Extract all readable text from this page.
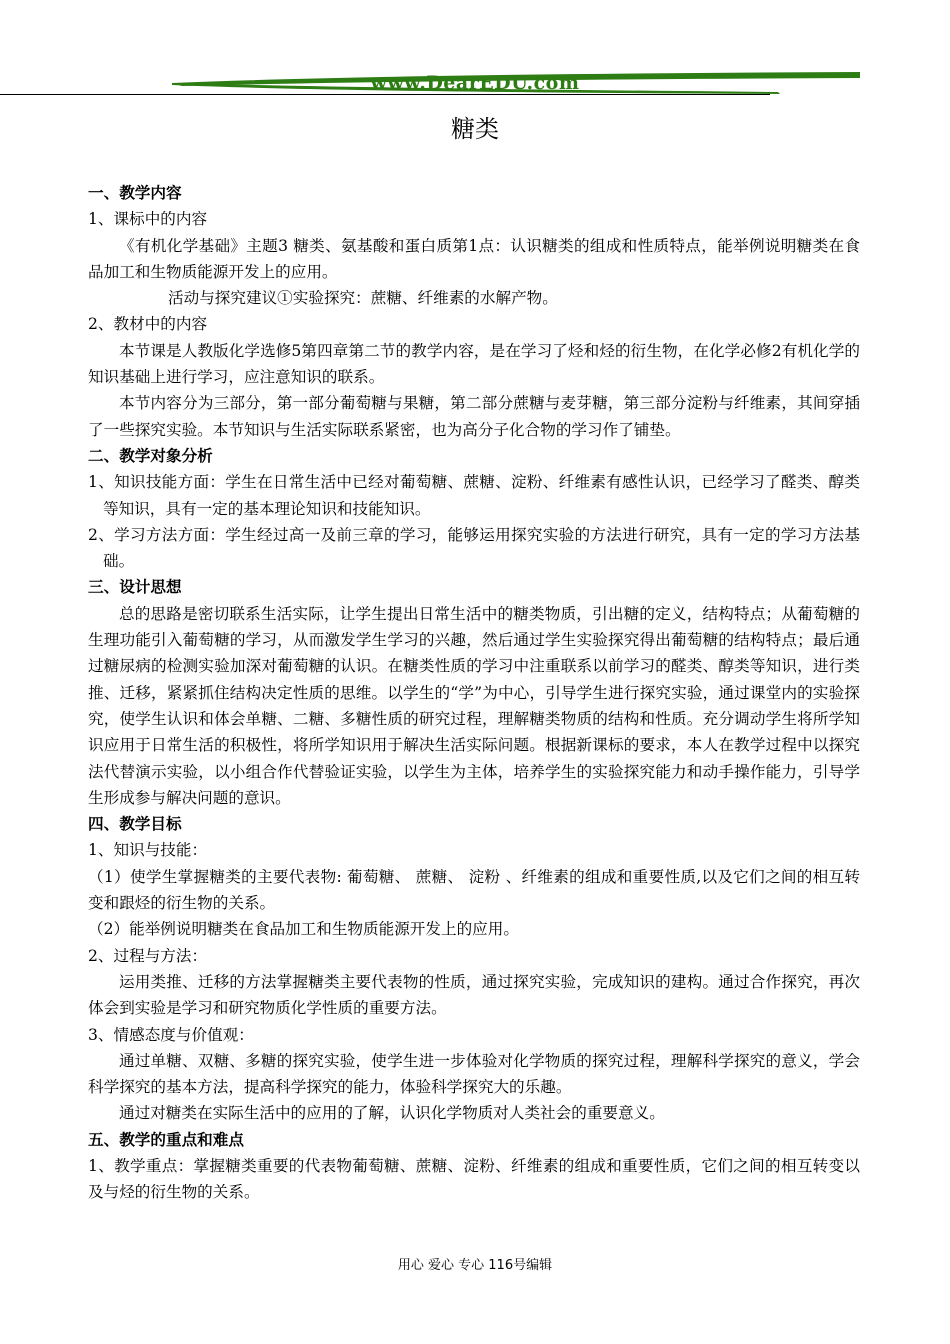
www.DearEDU.com
糖类

一、教学内容

1、课标中的内容

《有机化学基础》主题3 糖类、氨基酸和蛋白质第1点：认识糖类的组成和性质特点，能举例说明糖类在食品加工和生物质能源开发上的应用。

活动与探究建议①实验探究：蔗糖、纤维素的水解产物。

2、教材中的内容

本节课是人教版化学选修5第四章第二节的教学内容，是在学习了烃和烃的衍生物，在化学必修2有机化学的知识基础上进行学习，应注意知识的联系。

本节内容分为三部分，第一部分葡萄糖与果糖，第二部分蔗糖与麦芽糖，第三部分淀粉与纤维素，其间穿插了一些探究实验。本节知识与生活实际联系紧密，也为高分子化合物的学习作了铺垫。

二、教学对象分析

1、知识技能方面：学生在日常生活中已经对葡萄糖、蔗糖、淀粉、纤维素有感性认识，已经学习了醛类、醇类等知识，具有一定的基本理论知识和技能知识。

2、学习方法方面：学生经过高一及前三章的学习，能够运用探究实验的方法进行研究，具有一定的学习方法基础。

三、设计思想

总的思路是密切联系生活实际，让学生提出日常生活中的糖类物质，引出糖的定义，结构特点；从葡萄糖的生理功能引入葡萄糖的学习，从而激发学生学习的兴趣，然后通过学生实验探究得出葡萄糖的结构特点；最后通过糖尿病的检测实验加深对葡萄糖的认识。在糖类性质的学习中注重联系以前学习的醛类、醇类等知识，进行类推、迁移，紧紧抓住结构决定性质的思维。以学生的“学”为中心，引导学生进行探究实验，通过课堂内的实验探究，使学生认识和体会单糖、二糖、多糖性质的研究过程，理解糖类物质的结构和性质。充分调动学生将所学知识应用于日常生活的积极性，将所学知识用于解决生活实际问题。根据新课标的要求，本人在教学过程中以探究法代替演示实验，以小组合作代替验证实验，以学生为主体，培养学生的实验探究能力和动手操作能力，引导学生形成参与解决问题的意识。

四、教学目标

1、知识与技能：

（1）使学生掌握糖类的主要代表物: 葡萄糖、 蔗糖、 淀粉 、纤维素的组成和重要性质,以及它们之间的相互转变和跟烃的衍生物的关系。

（2）能举例说明糖类在食品加工和生物质能源开发上的应用。

2、过程与方法：

运用类推、迁移的方法掌握糖类主要代表物的性质，通过探究实验，完成知识的建构。通过合作探究，再次体会到实验是学习和研究物质化学性质的重要方法。

3、情感态度与价值观：

通过单糖、双糖、多糖的探究实验，使学生进一步体验对化学物质的探究过程，理解科学探究的意义，学会科学探究的基本方法，提高科学探究的能力，体验科学探究大的乐趣。

通过对糖类在实际生活中的应用的了解，认识化学物质对人类社会的重要意义。

五、教学的重点和难点

1、教学重点：掌握糖类重要的代表物葡萄糖、蔗糖、淀粉、纤维素的组成和重要性质，它们之间的相互转变以及与烃的衍生物的关系。

用心 爱心 专心 116号编辑
